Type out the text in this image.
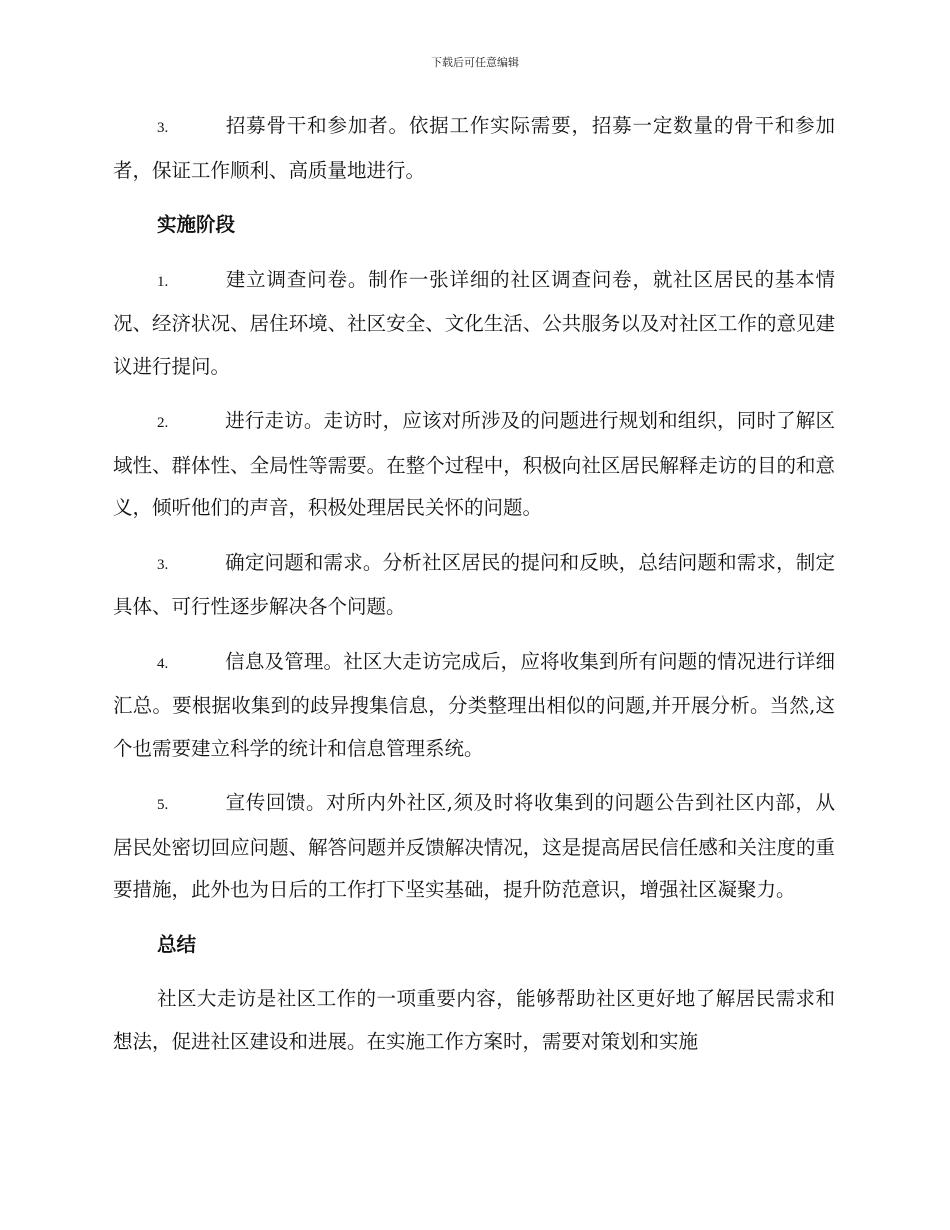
下载后可任意编辑

3.	招募骨干和参加者。依据工作实际需要，招募一定数量的骨干和参加者，保证工作顺利、高质量地进行。

实施阶段

1.	建立调查问卷。制作一张详细的社区调查问卷，就社区居民的基本情况、经济状况、居住环境、社区安全、文化生活、公共服务以及对社区工作的意见建议进行提问。

2.	进行走访。走访时，应该对所涉及的问题进行规划和组织，同时了解区域性、群体性、全局性等需要。在整个过程中，积极向社区居民解释走访的目的和意义，倾听他们的声音，积极处理居民关怀的问题。

3.	确定问题和需求。分析社区居民的提问和反映，总结问题和需求，制定具体、可行性逐步解决各个问题。

4.	信息及管理。社区大走访完成后，应将收集到所有问题的情况进行详细汇总。要根据收集到的歧异搜集信息，分类整理出相似的问题,并开展分析。当然,这个也需要建立科学的统计和信息管理系统。

5.	宣传回馈。对所内外社区,须及时将收集到的问题公告到社区内部，从居民处密切回应问题、解答问题并反馈解决情况，这是提高居民信任感和关注度的重要措施，此外也为日后的工作打下坚实基础，提升防范意识，增强社区凝聚力。

总结

社区大走访是社区工作的一项重要内容，能够帮助社区更好地了解居民需求和想法，促进社区建设和进展。在实施工作方案时，需要对策划和实施
